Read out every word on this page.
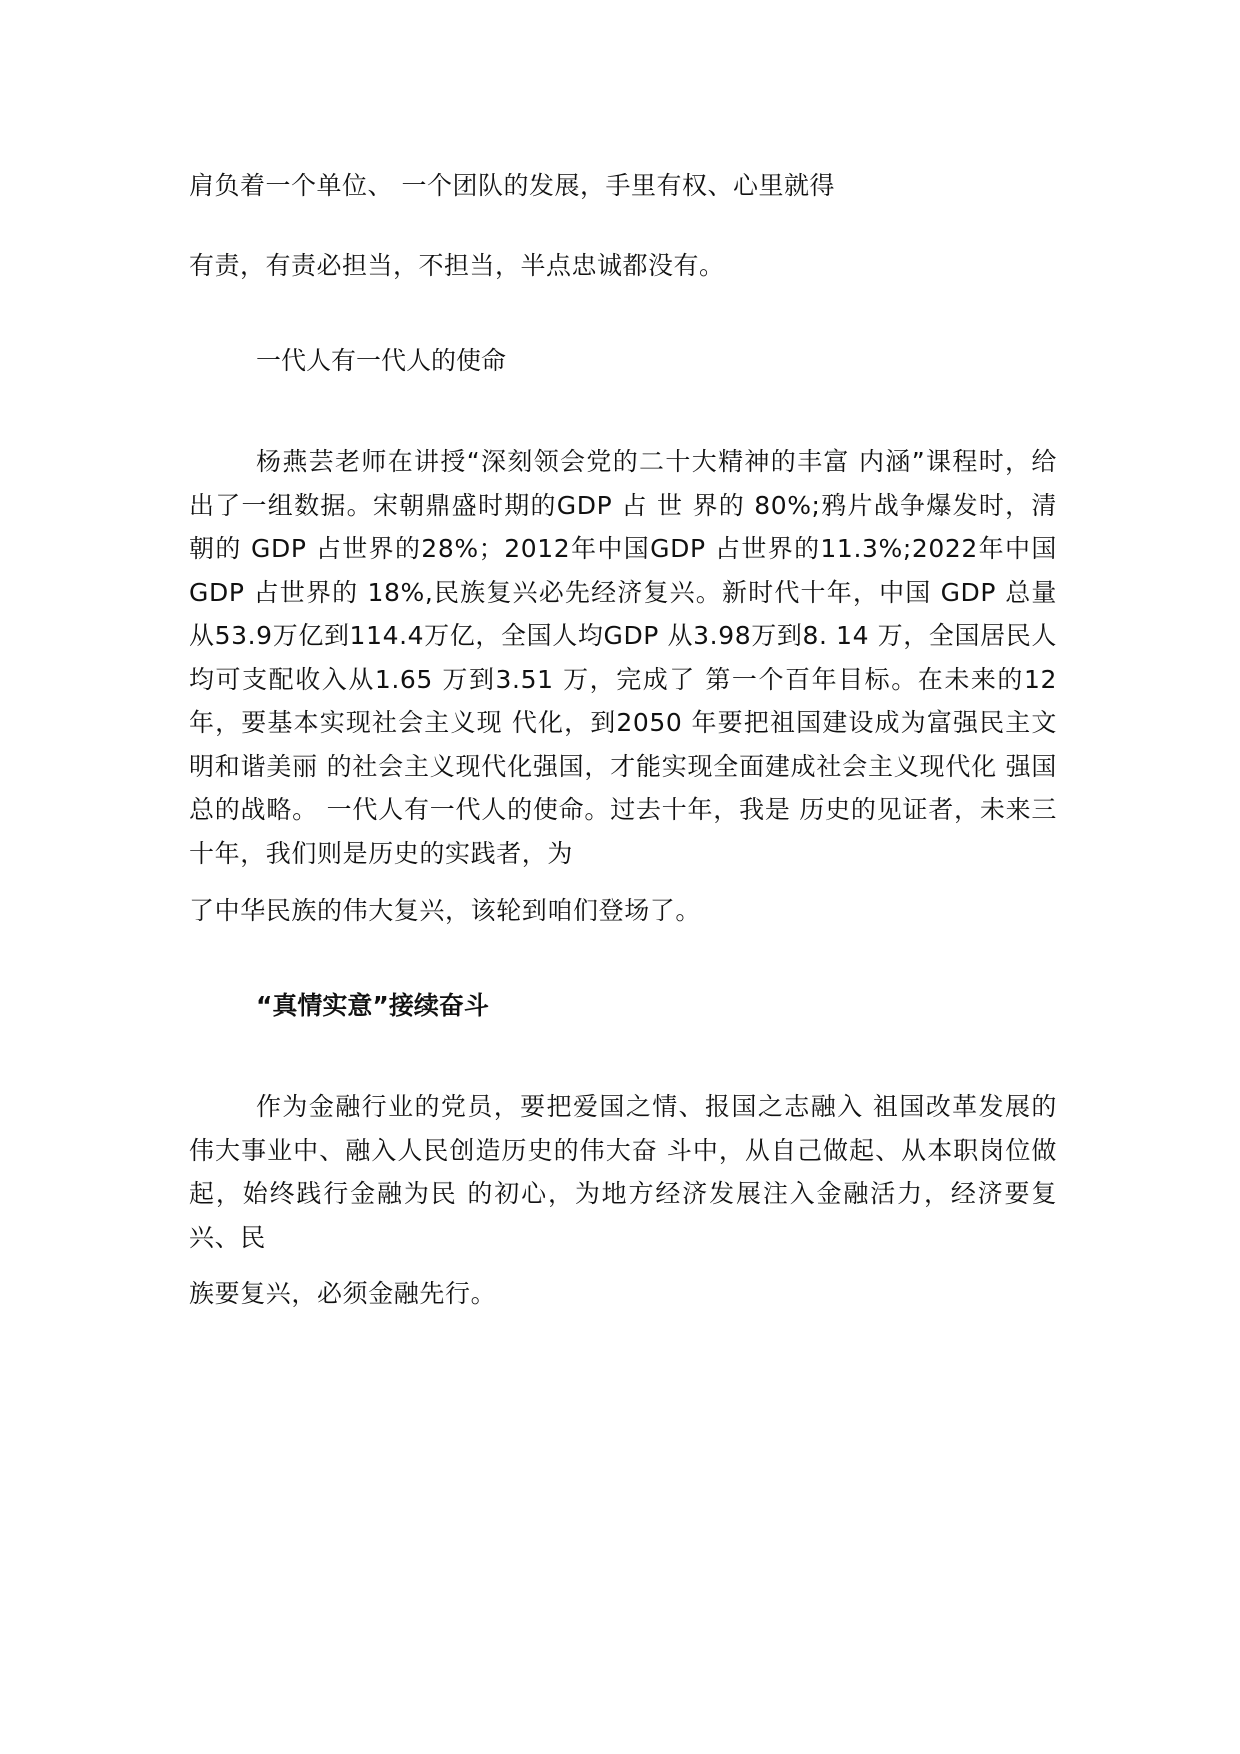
肩负着一个单位、 一个团队的发展，手里有权、心里就得
有责，有责必担当，不担当，半点忠诚都没有。
一代人有一代人的使命

杨燕芸老师在讲授“深刻领会党的二十大精神的丰富 内涵”课程时，给出了一组数据。宋朝鼎盛时期的GDP 占 世 界的 80%;鸦片战争爆发时，清朝的 GDP 占世界的28%；2012年中国GDP 占世界的11.3%;2022年中国GDP 占世界的 18%,民族复兴必先经济复兴。新时代十年，中国 GDP 总量 从53.9万亿到114.4万亿，全国人均GDP 从3.98万到8. 14 万，全国居民人均可支配收入从1.65 万到3.51 万，完成了 第一个百年目标。在未来的12年，要基本实现社会主义现 代化，到2050 年要把祖国建设成为富强民主文明和谐美丽 的社会主义现代化强国，才能实现全面建成社会主义现代化 强国总的战略。 一代人有一代人的使命。过去十年，我是 历史的见证者，未来三十年，我们则是历史的实践者，为

了中华民族的伟大复兴，该轮到咱们登场了。

“真情实意”接续奋斗

作为金融行业的党员，要把爱国之情、报国之志融入 祖国改革发展的伟大事业中、融入人民创造历史的伟大奋 斗中，从自己做起、从本职岗位做起，始终践行金融为民 的初心，为地方经济发展注入金融活力，经济要复兴、民

族要复兴，必须金融先行。
